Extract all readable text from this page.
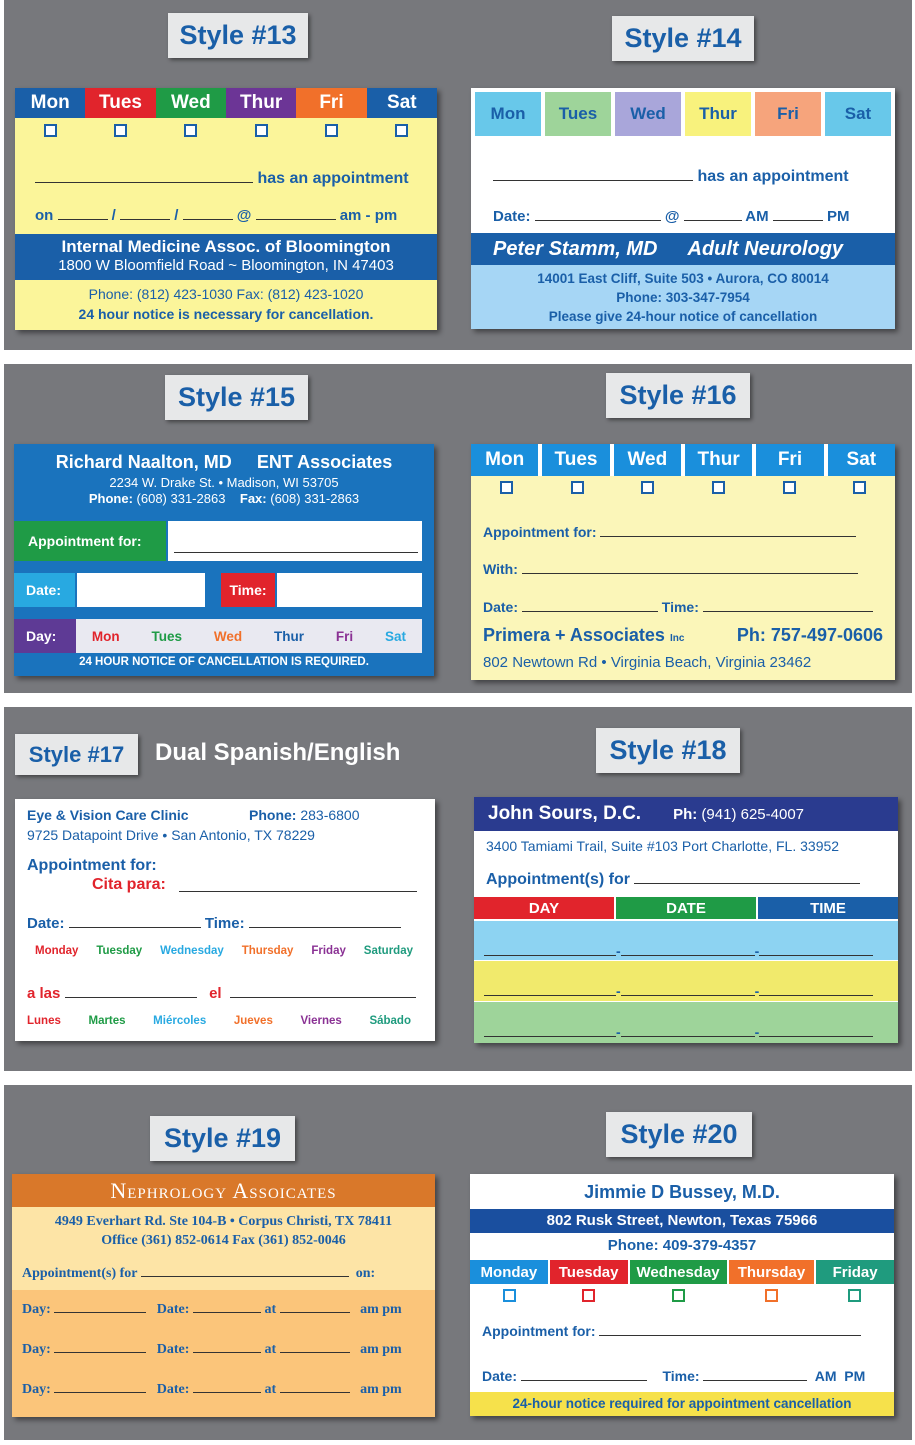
Style #13	Style #14
Mon	Tues	Wed	Thur	Fri	Sat
has an appointment
on	/	/	@	am - pm
Internal Medicine Assoc. of Bloomington
1800 W Bloomfield Road ~ Bloomington, IN 47403
Phone: (812) 423-1030 Fax: (812) 423-1020
24 hour notice is necessary for cancellation.
Mon	Tues	Wed	Thur	Fri	Sat
has an appointment
Date:	@	AM	PM
Peter Stamm, MD Adult Neurology
14001 East Cliff, Suite 503 • Aurora, CO 80014
Phone: 303-347-7954
Please give 24-hour notice of cancellation
Style #15	Style #16
Richard Naalton, MD ENT Associates
2234 W. Drake St. • Madison, WI 53705
Phone: (608) 331-2863 Fax: (608) 331-2863
Appointment for:
Date:	Time:
Day:	Mon Tues Wed Thur Fri Sat
24 HOUR NOTICE OF CANCELLATION IS REQUIRED.
Mon	Tues	Wed	Thur	Fri	Sat
Appointment for:
With:
Date:	Time:
Primera + Associates Inc	Ph: 757-497-0606
802 Newtown Rd • Virginia Beach, Virginia 23462
Style #17	Dual Spanish/English	Style #18
Eye & Vision Care Clinic	Phone: 283-6800
9725 Datapoint Drive • San Antonio, TX 78229
Appointment for:
Cita para:
Date:	Time:
Monday Tuesday Wednesday Thursday Friday Saturday
a las	el
Lunes Martes Miércoles Jueves Viernes Sábado
John Sours, D.C. Ph: (941) 625-4007
3400 Tamiami Trail, Suite #103 Port Charlotte, FL. 33952
Appointment(s) for
DAY	DATE	TIME
-	-
-	-
-	-
Style #19	Style #20
Nephrology Assoicates
4949 Everhart Rd. Ste 104-B • Corpus Christi, TX 78411
Office (361) 852-0614 Fax (361) 852-0046
Appointment(s) for	on:
Day:	Date:	at	am pm
Day:	Date:	at	am pm
Day:	Date:	at	am pm
Jimmie D Bussey, M.D.
802 Rusk Street, Newton, Texas 75966
Phone: 409-379-4357
Monday	Tuesday	Wednesday	Thursday	Friday
Appointment for:
Date:	Time:	AM PM
24-hour notice required for appointment cancellation
